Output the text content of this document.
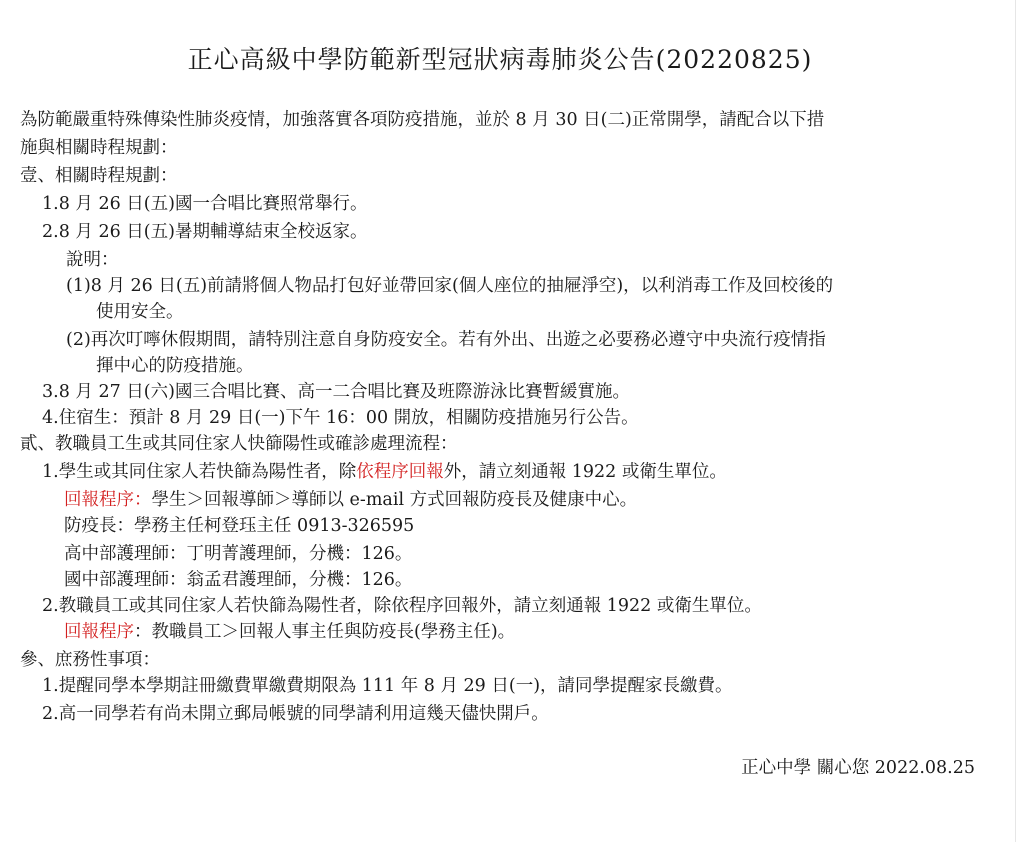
正心高級中學防範新型冠狀病毒肺炎公告(20220825)
為防範嚴重特殊傳染性肺炎疫情，加強落實各項防疫措施，並於 8 月 30 日(二)正常開學，請配合以下措
施與相關時程規劃：
壹、相關時程規劃：
1.8 月 26 日(五)國一合唱比賽照常舉行。
2.8 月 26 日(五)暑期輔導結束全校返家。
說明：
(1)8 月 26 日(五)前請將個人物品打包好並帶回家(個人座位的抽屜淨空)，以利消毒工作及回校後的
使用安全。
(2)再次叮嚀休假期間，請特別注意自身防疫安全。若有外出、出遊之必要務必遵守中央流行疫情指
揮中心的防疫措施。
3.8 月 27 日(六)國三合唱比賽、高一二合唱比賽及班際游泳比賽暫緩實施。
4.住宿生：預計 8 月 29 日(一)下午 16：00 開放，相關防疫措施另行公告。
貳、教職員工生或其同住家人快篩陽性或確診處理流程：
1.學生或其同住家人若快篩為陽性者，除依程序回報外，請立刻通報 1922 或衛生單位。
回報程序：學生＞回報導師＞導師以 e-mail 方式回報防疫長及健康中心。
防疫長：學務主任柯登珏主任 0913-326595
高中部護理師：丁明菁護理師，分機：126。
國中部護理師：翁孟君護理師，分機：126。
2.教職員工或其同住家人若快篩為陽性者，除依程序回報外，請立刻通報 1922 或衛生單位。
回報程序：教職員工＞回報人事主任與防疫長(學務主任)。
參、庶務性事項：
1.提醒同學本學期註冊繳費單繳費期限為 111 年 8 月 29 日(一)，請同學提醒家長繳費。
2.高一同學若有尚未開立郵局帳號的同學請利用這幾天儘快開戶。
正心中學 關心您 2022.08.25
